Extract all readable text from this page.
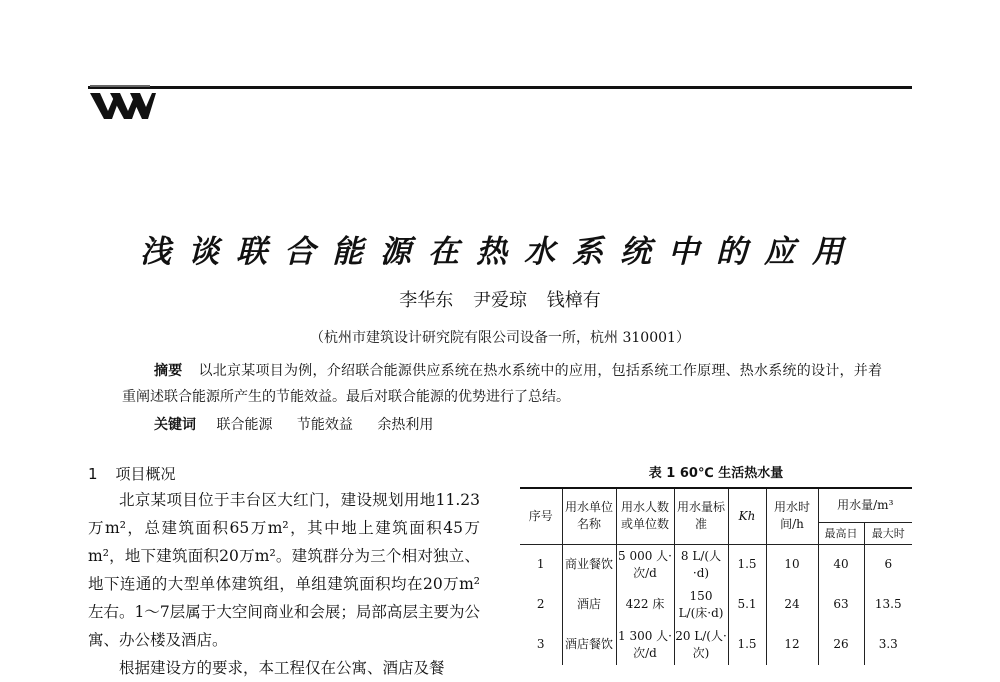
浅谈联合能源在热水系统中的应用
李华东 尹爱琼 钱樟有
（杭州市建筑设计研究院有限公司设备一所，杭州 310001）
摘要 以北京某项目为例，介绍联合能源供应系统在热水系统中的应用，包括系统工作原理、热水系统的设计，并着重阐述联合能源所产生的节能效益。最后对联合能源的优势进行了总结。
关键词 联合能源 节能效益 余热利用
1 项目概况

北京某项目位于丰台区大红门，建设规划用地11.23万m²，总建筑面积65万m²，其中地上建筑面积45万m²，地下建筑面积20万m²。建筑群分为三个相对独立、地下连通的大型单体建筑组，单组建筑面积均在20万m²左右。1～7层属于大空间商业和会展；局部高层主要为公寓、办公楼及酒店。

根据建设方的要求，本工程仅在公寓、酒店及餐

表 1 60℃ 生活热水量
序号	用水单位名称	用水人数或单位数	用水量标准	Kh	用水时间/h	用水量/m³	
						最高日	最大时
1	商业餐饮	5 000 人·次/d	8 L/(人·d)	1.5	10	40	6
2	酒店	422 床	150 L/(床·d)	5.1	24	63	13.5
3	酒店餐饮	1 300 人·次/d	20 L/(人·次)	1.5	12	26	3.3
